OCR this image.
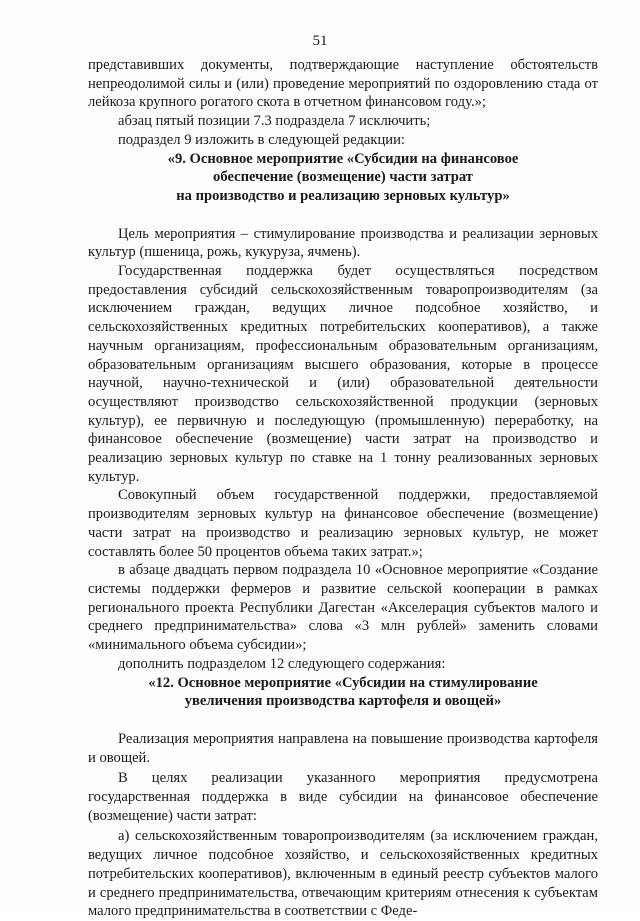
51

представивших документы, подтверждающие наступление обстоятельств непреодолимой силы и (или) проведение мероприятий по оздоровлению стада от лейкоза крупного рогатого скота в отчетном финансовом году.»;

абзац пятый позиции 7.3 подраздела 7 исключить;

подраздел 9 изложить в следующей редакции:

«9. Основное мероприятие «Субсидии на финансовое
обеспечение (возмещение) части затрат
на производство и реализацию зерновых культур»

Цель мероприятия – стимулирование производства и реализации зерновых культур (пшеница, рожь, кукуруза, ячмень).

Государственная поддержка будет осуществляться посредством предоставления субсидий сельскохозяйственным товаропроизводителям (за исключением граждан, ведущих личное подсобное хозяйство, и сельскохозяйственных кредитных потребительских кооперативов), а также научным организациям, профессиональным образовательным организациям, образовательным организациям высшего образования, которые в процессе научной, научно-технической и (или) образовательной деятельности осуществляют производство сельскохозяйственной продукции (зерновых культур), ее первичную и последующую (промышленную) переработку, на финансовое обеспечение (возмещение) части затрат на производство и реализацию зерновых культур по ставке на 1 тонну реализованных зерновых культур.

Совокупный объем государственной поддержки, предоставляемой производителям зерновых культур на финансовое обеспечение (возмещение) части затрат на производство и реализацию зерновых культур, не может составлять более 50 процентов объема таких затрат.»;

в абзаце двадцать первом подраздела 10 «Основное мероприятие «Создание системы поддержки фермеров и развитие сельской кооперации в рамках регионального проекта Республики Дагестан «Акселерация субъектов малого и среднего предпринимательства» слова «3 млн рублей» заменить словами «минимального объема субсидии»;

дополнить подразделом 12 следующего содержания:

«12. Основное мероприятие «Субсидии на стимулирование
увеличения производства картофеля и овощей»

Реализация мероприятия направлена на повышение производства картофеля и овощей.

В целях реализации указанного мероприятия предусмотрена государственная поддержка в виде субсидии на финансовое обеспечение (возмещение) части затрат:

а) сельскохозяйственным товаропроизводителям (за исключением граждан, ведущих личное подсобное хозяйство, и сельскохозяйственных кредитных потребительских кооперативов), включенным в единый реестр субъектов малого и среднего предпринимательства, отвечающим критериям отнесения к субъектам малого предпринимательства в соответствии с Феде-
